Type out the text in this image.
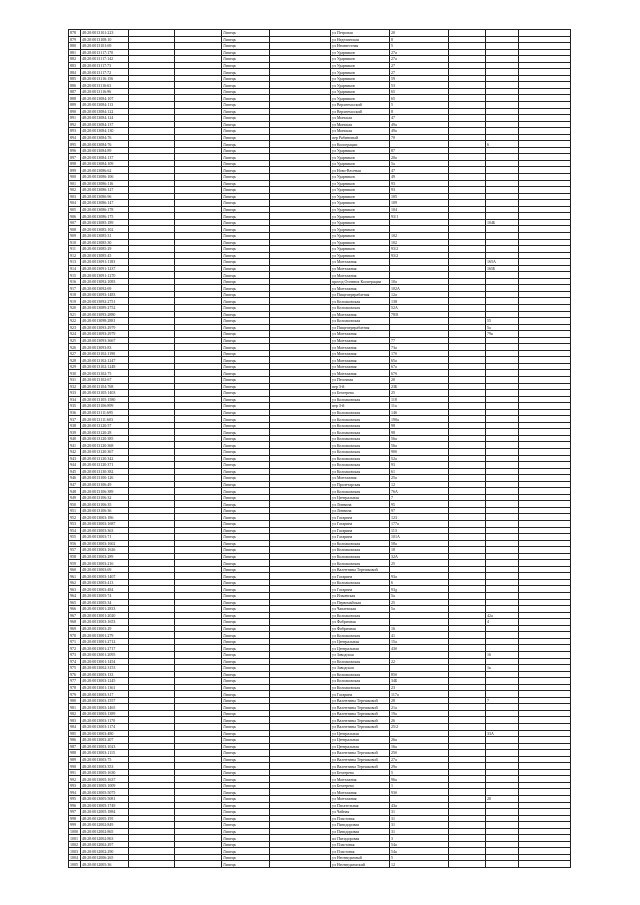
878	48:20:0013101:223			Липецк		ул Петровая	20			
879	48:20:0013108:10			Липецк		ул Неделинская	8			
880	48:20:0013101:69			Липецк		ул Неизвестная	5			
881	48:20:0013117:170			Липецк		ул Ударников	27а			
882	48:20:0013117:142			Липецк		ул Ударников	27а			
883	48:20:0013117:73			Липецк		ул Ударников	27			
884	48:20:0013117:72			Липецк		ул Ударников	27			
885	48:20:0013116:156			Липецк		ул Ударников	59			
886	48:20:0013116:63			Липецк		ул Ударников	53			
887	48:20:0013116:96			Липецк		ул Ударников	65			
888	48:20:0013084:107			Липецк		ул Ударников	65			
889	48:20:0013084:113			Липецк		ул Верхнемоский	5			
890	48:20:0013084:122			Липецк		ул Верхнемоский	8			
891	48:20:0013084:124			Липецк		ул Минская	47			
892	48:20:0013084:137			Липецк		ул Минская	49а			
893	48:20:0013084:130			Липецк		ул Минская	49а			
894	48:20:0013084:76			Липецк		пер Рябиновый	70			
895	48:20:0013084:76			Липецк		ул Кооперации			6	
896	48:20:0013084:89			Липецк		ул Ударников	87			
897	48:20:0013084:137			Липецк		ул Ударников	20а			
898	48:20:0013084:109			Липецк		ул Ударников	5а			
899	48:20:0013086:62			Липецк		ул Ново-Весеная	47			
900	48:20:0013086:106			Липецк		ул Ударников	49			
901	48:20:0013086:116			Липецк		ул Ударников	93			
902	48:20:0013086:127			Липецк		ул Ударников	93			
903	48:20:0013086:96			Липецк		ул Ударников	105			
904	48:20:0013086:147			Липецк		ул Ударников	109			
905	48:20:0013086:178			Липецк		ул Ударников	104			
906	48:20:0013086:175			Липецк		ул Ударников	93/1			
907	48:20:0013085:189			Липецк		ул Ударников			104Б	
908	48:20:0013085:102			Липецк		ул Ударников				
909	48:20:0013085:31			Липецк		ул Ударников	102			
910	48:20:0013085:30			Липецк		ул Ударников	102			
911	48:20:0013085:29			Липецк		ул Ударников	93/2			
912	48:20:0013085:45			Липецк		ул Ударников	93/2			
913	48:20:0013091:1183			Липецк		ул Монтажная			165А	
914	48:20:0013091:1237			Липецк		ул Монтажная			165Б	
915	48:20:0013091:1270			Липецк		ул Монтажная				
916	48:20:0013092:1083			Липецк		проезд Осенних Кооперации	10а			
917	48:20:0013092:69			Липецк		ул Монтажная	102А			
918	48:20:0013093:1483			Липецк		ул Пищеперерабатная	12а			
919	48:20:0013092:2751			Липецк		ул Колпаковская	138			
920	48:20:0013089:2752			Липецк		ул Колпаковская	52А			
921	48:20:0013093:2880			Липецк		ул Монтажная	78/8			
922	48:20:0013098:2881			Липецк		ул Колпаковская			55	
923	48:20:0013093:2979			Липецк		ул Пищеперерабатная			5а	
924	48:20:0013093:2979			Липецк		ул Монтажная			79к	
925	48:20:0013093:3667			Липецк		ул Монтажная	77			
926	48:20:0013093:83			Липецк		ул Монтажная	73а			
927	48:20:0013102:1190			Липецк		ул Монтажная	17б			
928	48:20:0013102:1247			Липецк		ул Монтажная	65а			
929	48:20:0013102:1248			Липецк		ул Монтажная	67а			
930	48:20:0013102:75			Липецк		ул Монтажная	67б			
931	48:20:0013102:67			Липецк		ул Песочная	20			
932	48:20:0013104:768			Липецк		пер 3-й	23Б			
933	48:20:0013105:1403			Липецк		ул Бехтерева	25			
934	48:20:0013105:1580			Липецк		ул Колпаковская	118			
935	48:20:0013106:899			Липецк		пер 3-й	11а			
936	48:20:0013111:695			Липецк		ул Колпаковская	146			
937	48:20:0013111:603			Липецк		ул Колпаковская	190а			
938	48:20:0013120:57			Липецк		ул Колпаковская	98			
939	48:20:0013120:28			Липецк		ул Колпаковская	98			
940	48:20:0013120:385			Липецк		ул Колпаковская	56а			
941	48:20:0013120:368			Липецк		ул Колпаковская	56а			
942	48:20:0013120:367			Липецк		ул Колпаковская	90б			
943	48:20:0013120:342			Липецк		ул Колпаковская	52а			
944	48:20:0013120:371			Липецк		ул Колпаковская	93			
945	48:20:0013130:382			Липецк		ул Колпаковская	61			
946	48:20:0013100:126			Липецк		ул Монтажная	25а			
947	48:20:0013106:49			Липецк		ул Пролетарская	12			
948	48:20:0013106:389			Липецк		ул Колпаковская	76А			
949	48:20:0013106:32			Липецк		ул Центральная	7			
950	48:20:0013106:35			Липецк		ул Литвина	95			
951	48:20:0013106:36			Липецк		ул Литвина	97			
952	48:20:0013003:186			Липецк		ул Гагарина	123			
953	48:20:0013003:1687			Липецк		ул Гагарина	177а			
954	48:20:0013003:363			Липецк		ул Гагарина	113			
955	48:20:0013003:71			Липецк		ул Гагарина	101А			
956	48:20:0013003:1602			Липецк		ул Колпаковская	58а			
957	48:20:0013003:1626			Липецк		ул Колпаковская	18			
958	48:20:0013003:289			Липецк		ул Колпаковская	32А			
959	48:20:0013003:216			Липецк		ул Колпаковская	25			
960	48:20:0013003:69			Липецк		ул Валентины Терешковой				
961	48:20:0013003:1407			Липецк		ул Гагарина	93а			
962	48:20:0013003:413			Липецк		ул Колпаковская	6			
963	48:20:0013003:484			Липецк		ул Гагарина	93д			
964	48:20:0013005:74			Липецк		ул Ильинская	5а			
965	48:20:0013005:34			Липецк		ул Первомайская	25			
966	48:20:0013001:2833			Липецк		ул Чапаевская	5а			
967	48:20:0013001:2020			Липецк		ул Колпаковская			42а	
968	48:20:0013003:1653			Липецк		ул Фабричная			4	
969	48:20:0013003:29			Липецк		ул Фабричная	16			
970	48:20:0013001:279			Липецк		ул Колпаковская	41			
971	48:20:0013001:2712			Липецк		ул Центральная	15а			
972	48:20:0013001:2717			Липецк		ул Центральная	43б			
973	48:20:0013001:2095			Липецк		ул Заводская			16	
974	48:20:0013001:1454			Липецк		ул Колпаковская	22			
975	48:20:0013002:3153			Липецк		ул Заводская			1к	
976	48:20:0013003:133			Липецк		ул Колпаковская	85б			
977	48:20:0013003:1245			Липецк		ул Колпаковская	34Б			
978	48:20:0013001:1361			Липецк		ул Колпаковская	23			
979	48:20:0013003:317			Липецк		ул Гагарина	117а			
980	48:20:0013003:1557			Липецк		ул Валентины Терешковой	28		7	
981	48:20:0013003:1465			Липецк		ул Валентины Терешковой	21а			
982	48:20:0013003:1389			Липецк		ул Валентины Терешковой	19а			
983	48:20:0013003:1170			Липецк		ул Валентины Терешковой	26			
984	48:20:0013003:1174			Липецк		ул Валентины Терешковой	25/2			
985	48:20:0013003:480			Липецк		ул Центральная			33А	
986	48:20:0013003:207			Липецк		ул Центральная	26а			
987	48:20:0013003:1023			Липецк		ул Центральная	16а			
988	48:20:0013003:1115			Липецк		ул Валентины Терешковой	25б			
989	48:20:0013003:75			Липецк		ул Валентины Терешковой	27а			
990	48:20:0013003:353			Липецк		ул Валентины Терешковой	29а			
991	48:20:0013005:1630			Липецк		ул Бехтерева	5			
992	48:20:0013005:1637			Липецк		ул Монтажная	96а			
993	48:20:0013005:1009			Липецк		ул Бехтерева	1			
994	48:20:0013005:5075			Липецк		ул Монтажная	93б			
995	48:20:0013005:5081			Липецк		ул Монтажная			20	
996	48:20:0013005:1749			Липецк		ул Писательная	43а			
997	48:20:0012005:1884			Липецк		ул Чайная	31			
998	48:20:0012005:195			Липецк		ул Пластовая	31			
999	48:20:0012002:849			Липецк		ул Пятидоровая	31			
1000	48:20:0012002:865			Липецк		ул Пятидоровая	31			
1001	48:20:0012002:863			Липецк		пл Пятидоровая	3			
1002	48:20:0012002:297			Липецк		ул Пластовая	54а			
1003	48:20:0012002:290			Липецк		ул Пластовая	54а			
1004	48:20:0012006:265			Липецк		ул Неотведаемый	5			
1005	48:20:0012005:36			Липецк		ул Неотведаемский	12			
